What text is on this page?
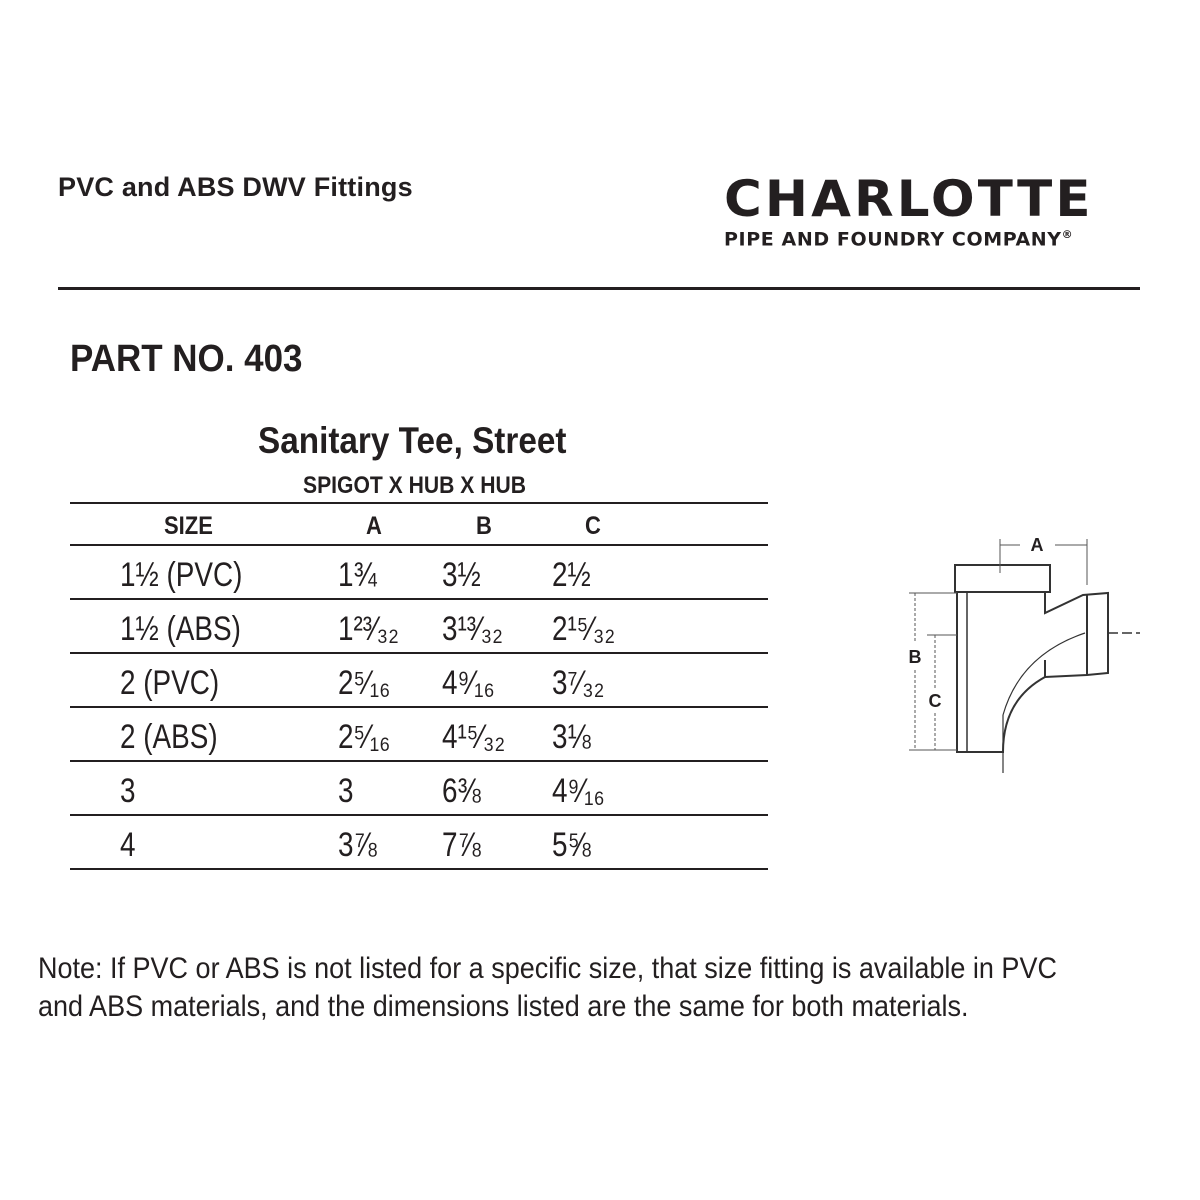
PVC and ABS DWV Fittings	CHARLOTTE
PIPE AND FOUNDRY COMPANY®
PART NO. 403
Sanitary Tee, Street
SPIGOT X HUB X HUB
SIZE	A	B	C
1½ (PVC)	1¾ 3½ 2½
1½ (ABS)	1²³⁄₃₂ 3¹³⁄₃₂ 2¹⁵⁄₃₂
2 (PVC)	2⁵⁄₁₆ 4⁹⁄₁₆ 3⁷⁄₃₂
2 (ABS)	2⁵⁄₁₆ 4¹⁵⁄₃₂ 3⅛
3	3	6⅜ 4⁹⁄₁₆
4	3⅞ 7⅞ 5⅝
A
B
C
Note: If PVC or ABS is not listed for a specific size, that size fitting is available in PVC and ABS materials, and the dimensions listed are the same for both materials.
